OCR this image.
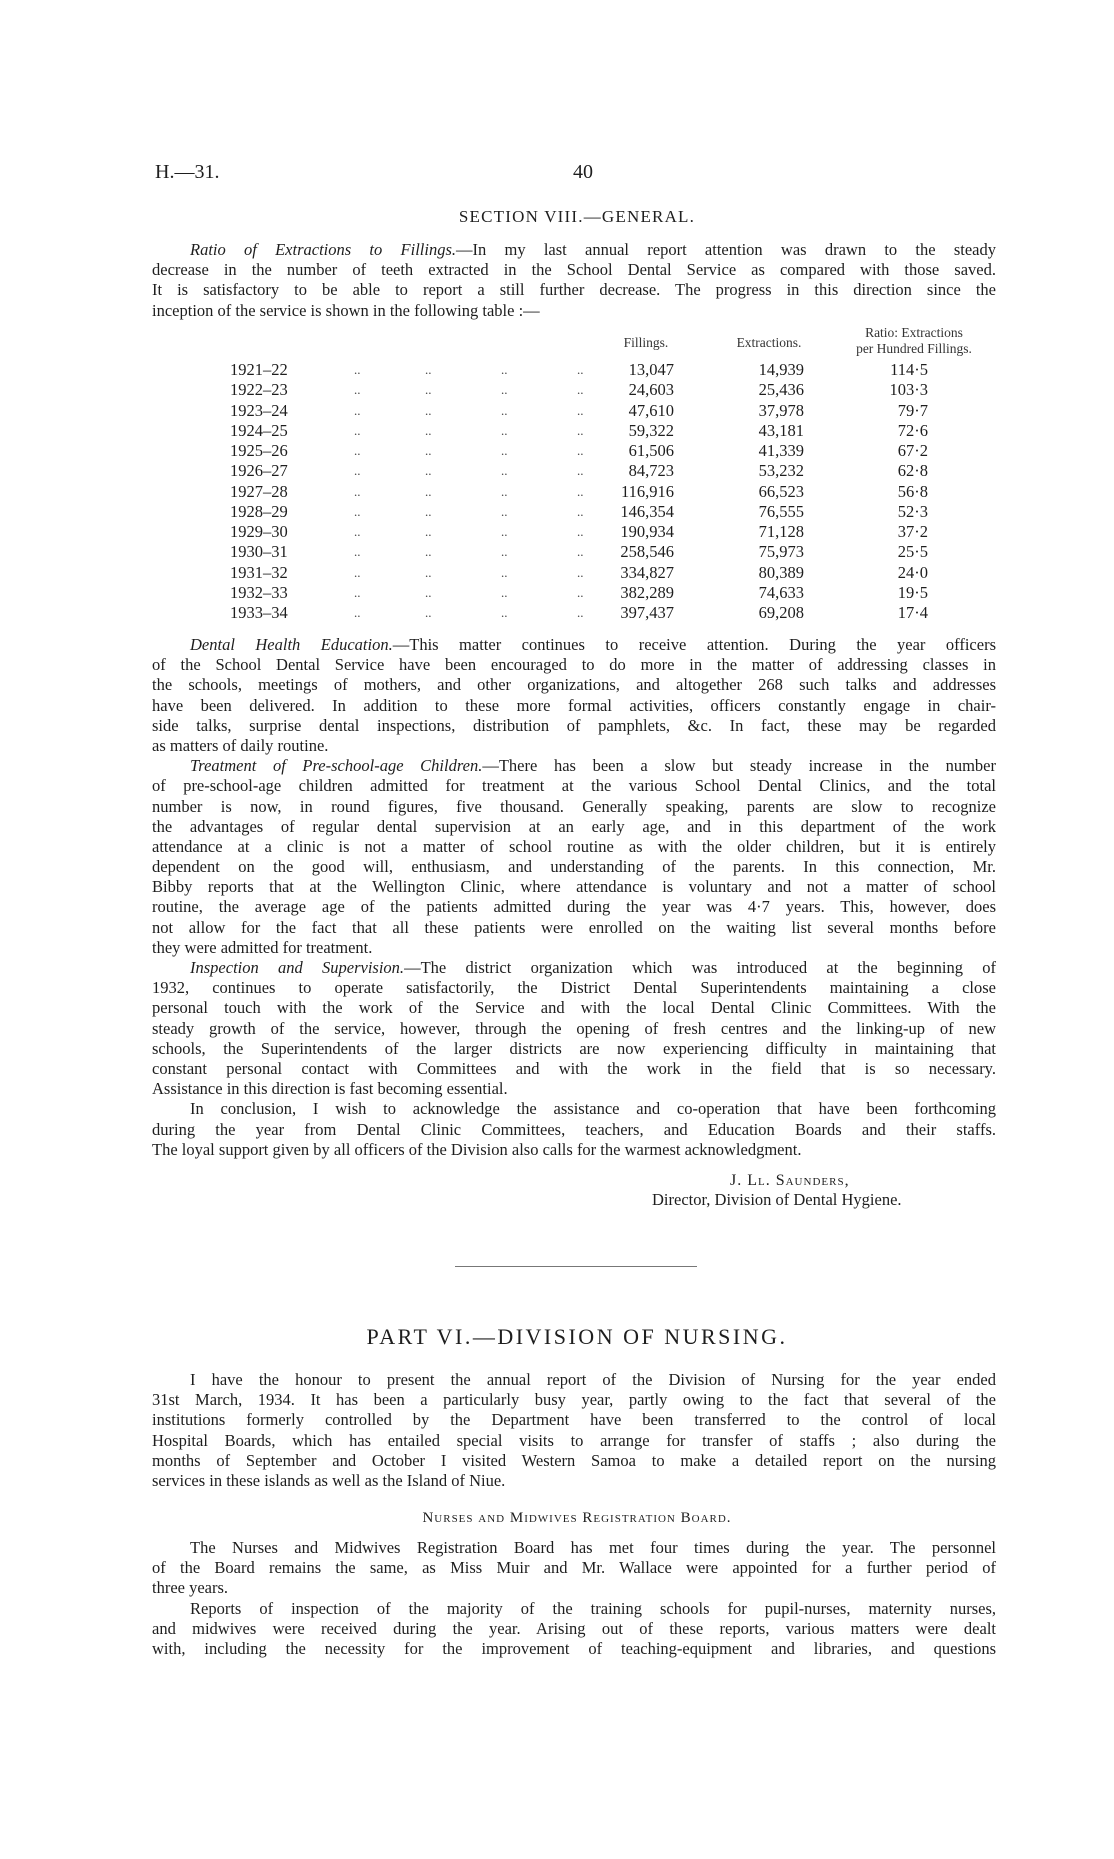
H.—31.	40
SECTION VIII.—GENERAL.
Ratio of Extractions to Fillings.—In my last annual report attention was drawn to the steady
decrease in the number of teeth extracted in the School Dental Service as compared with those saved.
It is satisfactory to be able to report a still further decrease. The progress in this direction since the
inception of the service is shown in the following table :—
Fillings.	Extractions.
Ratio: Extractions
per Hundred Fillings.
1921–22	..	..	..	..	13,047	14,939	114·5
1922–23	..	..	..	..	24,603	25,436	103·3
1923–24	..	..	..	..	47,610	37,978	79·7
1924–25	..	..	..	..	59,322	43,181	72·6
1925–26	..	..	..	..	61,506	41,339	67·2
1926–27	..	..	..	..	84,723	53,232	62·8
1927–28	..	..	..	.. 116,916	66,523	56·8
1928–29	..	..	..	.. 146,354	76,555	52·3
1929–30	..	..	..	.. 190,934	71,128	37·2
1930–31	..	..	..	.. 258,546	75,973	25·5
1931–32	..	..	..	.. 334,827	80,389	24·0
1932–33	..	..	..	.. 382,289	74,633	19·5
1933–34	..	..	..	.. 397,437	69,208	17·4
Dental Health Education.—This matter continues to receive attention. During the year officers
of the School Dental Service have been encouraged to do more in the matter of addressing classes in
the schools, meetings of mothers, and other organizations, and altogether 268 such talks and addresses
have been delivered. In addition to these more formal activities, officers constantly engage in chair-
side talks, surprise dental inspections, distribution of pamphlets, &c. In fact, these may be regarded
as matters of daily routine.
Treatment of Pre-school-age Children.—There has been a slow but steady increase in the number
of pre-school-age children admitted for treatment at the various School Dental Clinics, and the total
number is now, in round figures, five thousand. Generally speaking, parents are slow to recognize
the advantages of regular dental supervision at an early age, and in this department of the work
attendance at a clinic is not a matter of school routine as with the older children, but it is entirely
dependent on the good will, enthusiasm, and understanding of the parents. In this connection, Mr.
Bibby reports that at the Wellington Clinic, where attendance is voluntary and not a matter of school
routine, the average age of the patients admitted during the year was 4·7 years. This, however, does
not allow for the fact that all these patients were enrolled on the waiting list several months before
they were admitted for treatment.
Inspection and Supervision.—The district organization which was introduced at the beginning of
1932, continues to operate satisfactorily, the District Dental Superintendents maintaining a close
personal touch with the work of the Service and with the local Dental Clinic Committees. With the
steady growth of the service, however, through the opening of fresh centres and the linking-up of new
schools, the Superintendents of the larger districts are now experiencing difficulty in maintaining that
constant personal contact with Committees and with the work in the field that is so necessary.
Assistance in this direction is fast becoming essential.
In conclusion, I wish to acknowledge the assistance and co-operation that have been forthcoming
during the year from Dental Clinic Committees, teachers, and Education Boards and their staffs.
The loyal support given by all officers of the Division also calls for the warmest acknowledgment.
J. Ll. Saunders,
Director, Division of Dental Hygiene.
PART VI.—DIVISION OF NURSING.
I have the honour to present the annual report of the Division of Nursing for the year ended
31st March, 1934. It has been a particularly busy year, partly owing to the fact that several of the
institutions formerly controlled by the Department have been transferred to the control of local
Hospital Boards, which has entailed special visits to arrange for transfer of staffs ; also during the
months of September and October I visited Western Samoa to make a detailed report on the nursing
services in these islands as well as the Island of Niue.
Nurses and Midwives Registration Board.
The Nurses and Midwives Registration Board has met four times during the year. The personnel
of the Board remains the same, as Miss Muir and Mr. Wallace were appointed for a further period of
three years.
Reports of inspection of the majority of the training schools for pupil-nurses, maternity nurses,
and midwives were received during the year. Arising out of these reports, various matters were dealt
with, including the necessity for the improvement of teaching-equipment and libraries, and questions
